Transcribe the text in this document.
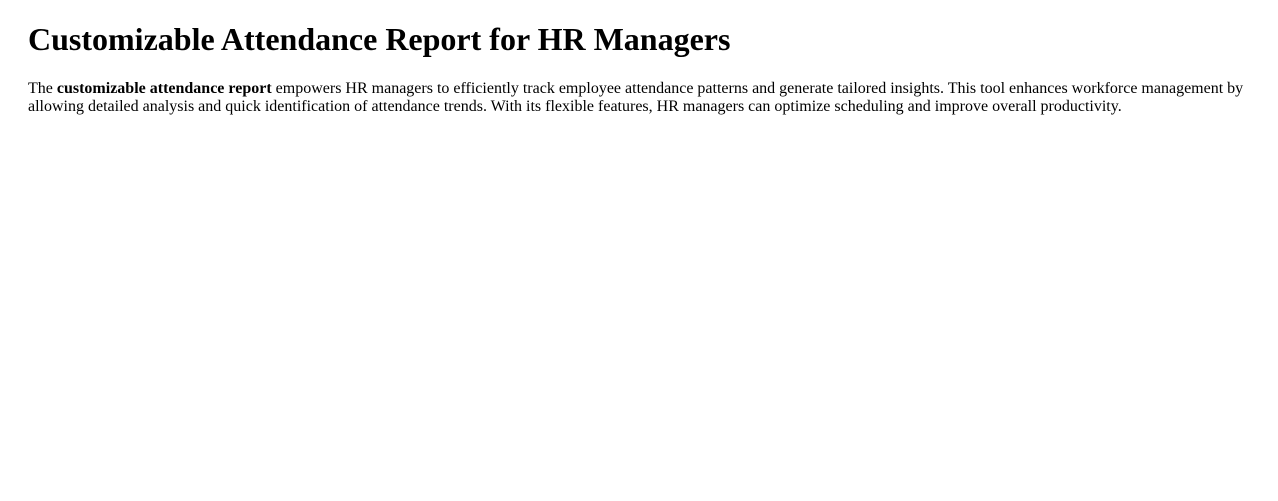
Customizable Attendance Report for HR Managers

The customizable attendance report empowers HR managers to efficiently track employee attendance patterns and generate tailored insights. This tool enhances workforce management by allowing detailed analysis and quick identification of attendance trends. With its flexible features, HR managers can optimize scheduling and improve overall productivity.
